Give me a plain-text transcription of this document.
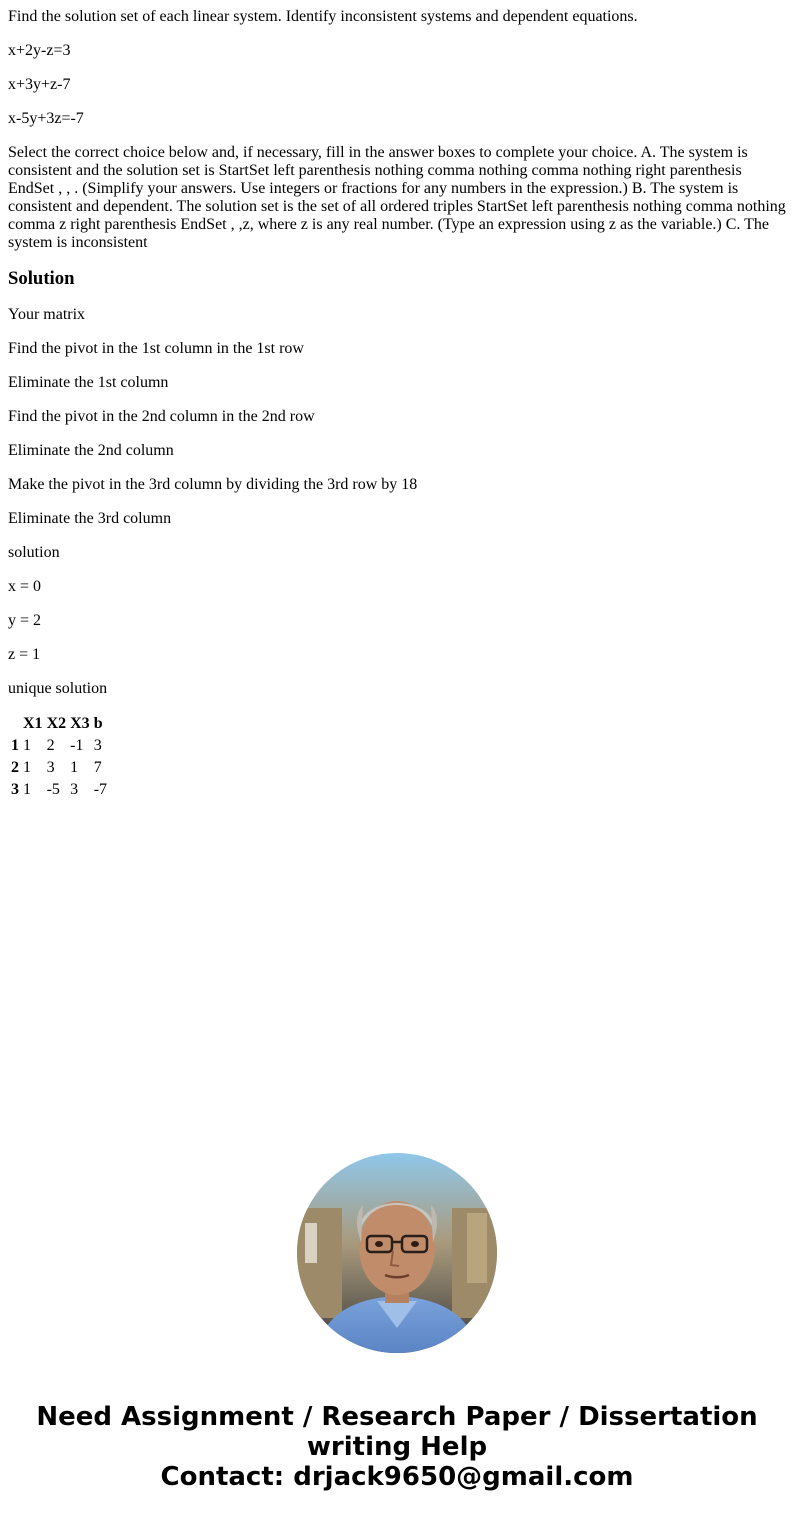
Find the solution set of each linear system. Identify inconsistent systems and dependent equations.

x+2y-z=3

x+3y+z-7

x-5y+3z=-7

Select the correct choice below and, if necessary, fill in the answer boxes to complete your choice. A. The system is consistent and the solution set is StartSet left parenthesis nothing comma nothing comma nothing right parenthesis EndSet , , . (Simplify your answers. Use integers or fractions for any numbers in the expression.) B. The system is consistent and dependent. The solution set is the set of all ordered triples StartSet left parenthesis nothing comma nothing comma z right parenthesis EndSet , ,z, where z is any real number. (Type an expression using z as the variable.) C. The system is inconsistent

Solution

Your matrix

Find the pivot in the 1st column in the 1st row

Eliminate the 1st column

Find the pivot in the 2nd column in the 2nd row

Eliminate the 2nd column

Make the pivot in the 3rd column by dividing the 3rd row by 18

Eliminate the 3rd column

solution

x = 0

y = 2

z = 1

unique solution

	X1	X2	X3	b
1	1	2	-1	3
2	1	3	1	7
3	1	-5	3	-7
Need Assignment / Research Paper / Dissertation
writing Help
Contact: drjack9650@gmail.com
